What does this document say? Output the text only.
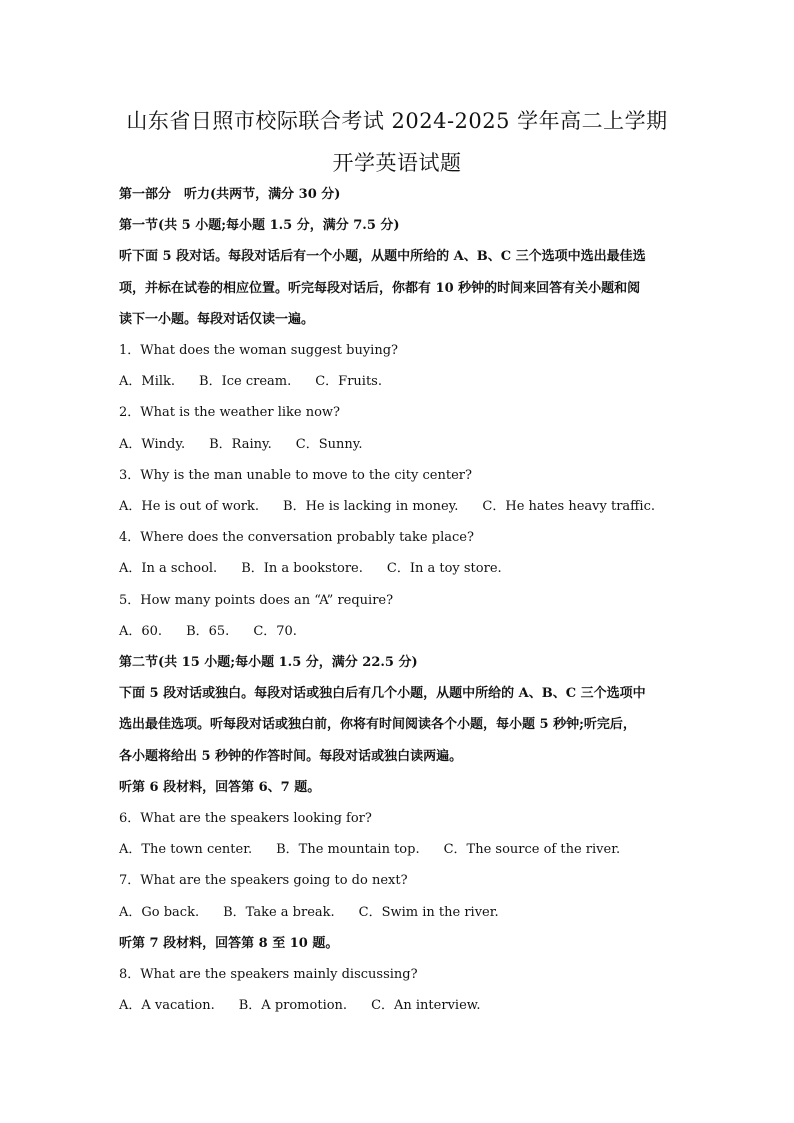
山东省日照市校际联合考试 2024-2025 学年高二上学期
开学英语试题
第一部分　听力(共两节，满分 30 分)
第一节(共 5 小题;每小题 1.5 分，满分 7.5 分)
听下面 5 段对话。每段对话后有一个小题，从题中所给的 A、B、C 三个选项中选出最佳选
项，并标在试卷的相应位置。听完每段对话后，你都有 10 秒钟的时间来回答有关小题和阅
读下一小题。每段对话仅读一遍。
1．What does the woman suggest buying?
A．Milk. B．Ice cream. C．Fruits.
2．What is the weather like now?
A．Windy. B．Rainy. C．Sunny.
3．Why is the man unable to move to the city center?
A．He is out of work. B．He is lacking in money. C．He hates heavy traffic.
4．Where does the conversation probably take place?
A．In a school. B．In a bookstore. C．In a toy store.
5．How many points does an “A” require?
A．60. B．65. C．70.
第二节(共 15 小题;每小题 1.5 分，满分 22.5 分)
下面 5 段对话或独白。每段对话或独白后有几个小题，从题中所给的 A、B、C 三个选项中
选出最佳选项。听每段对话或独白前，你将有时间阅读各个小题，每小题 5 秒钟;听完后，
各小题将给出 5 秒钟的作答时间。每段对话或独白读两遍。
听第 6 段材料，回答第 6、7 题。
6．What are the speakers looking for?
A．The town center. B．The mountain top. C．The source of the river.
7．What are the speakers going to do next?
A．Go back. B．Take a break. C．Swim in the river.
听第 7 段材料，回答第 8 至 10 题。
8．What are the speakers mainly discussing?
A．A vacation. B．A promotion. C．An interview.
